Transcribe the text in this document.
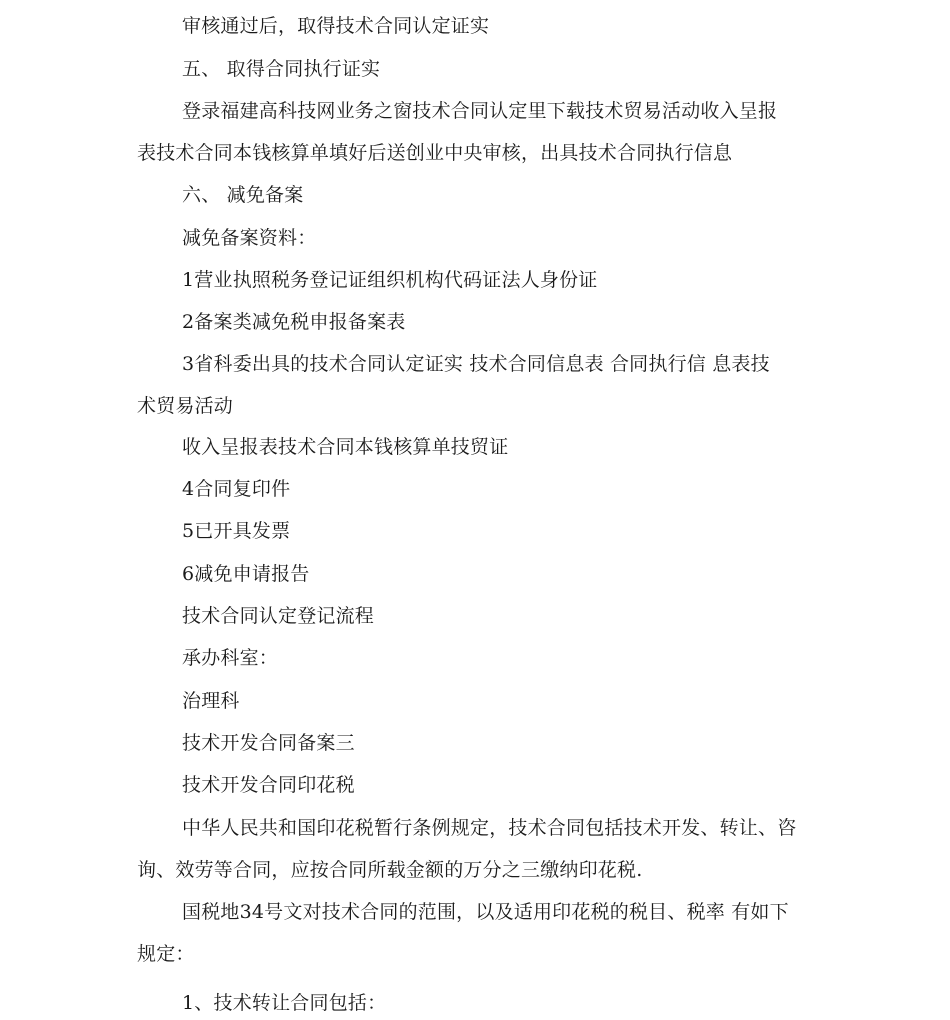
审核通过后，取得技术合同认定证实
五、 取得合同执行证实
登录福建高科技网业务之窗技术合同认定里下载技术贸易活动收入呈报
表技术合同本钱核算单填好后送创业中央审核，出具技术合同执行信息
六、 减免备案
减免备案资料：
1营业执照税务登记证组织机构代码证法人身份证
2备案类减免税申报备案表
3省科委出具的技术合同认定证实 技术合同信息表 合同执行信 息表技
术贸易活动
收入呈报表技术合同本钱核算单技贸证
4合同复印件
5已开具发票
6减免申请报告
技术合同认定登记流程
承办科室：
治理科
技术开发合同备案三
技术开发合同印花税
中华人民共和国印花税暂行条例规定，技术合同包括技术开发、转让、咨
询、效劳等合同，应按合同所载金额的万分之三缴纳印花税.
国税地34号文对技术合同的范围，以及适用印花税的税目、税率 有如下
规定：
1、技术转让合同包括：
